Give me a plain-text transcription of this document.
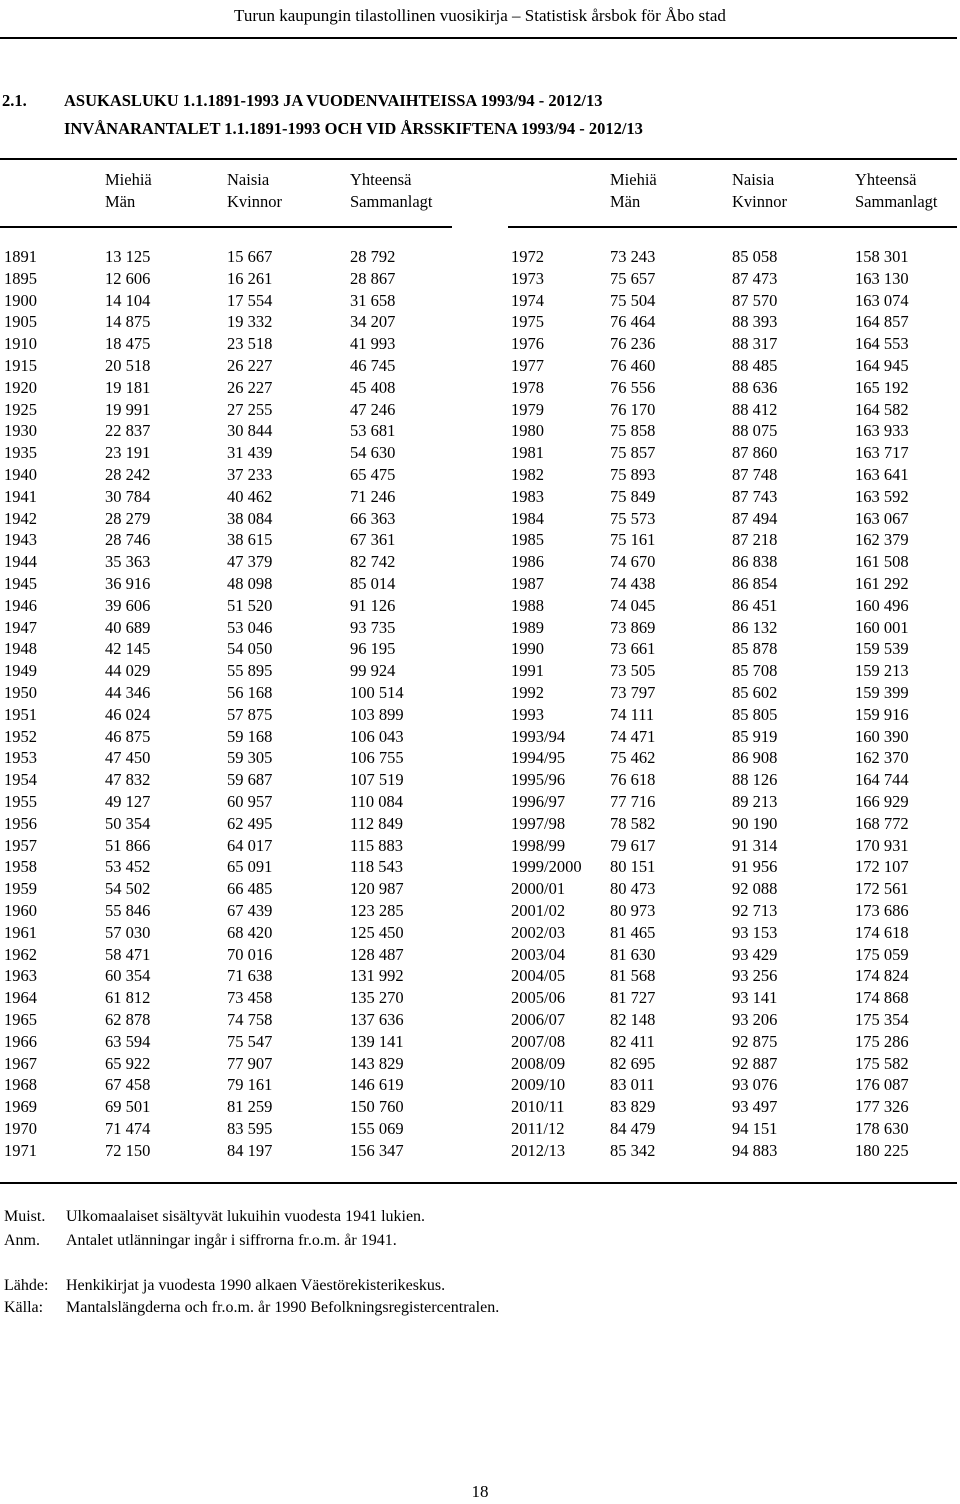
Turun kaupungin tilastollinen vuosikirja – Statistisk årsbok för Åbo stad
2.1. ASUKASLUKU 1.1.1891-1993 JA VUODENVAIHTEISSA 1993/94 - 2012/13
INVÅNARANTALET 1.1.1891-1993 OCH VID ÅRSSKIFTENA 1993/94 - 2012/13
Miehiä
Män
Naisia
Kvinnor
Yhteensä
Sammanlagt
Miehiä
Män
Naisia
Kvinnor
Yhteensä
Sammanlagt
1891	13 125	15 667	28 792
1895	12 606	16 261	28 867
1900	14 104	17 554	31 658
1905	14 875	19 332	34 207
1910	18 475	23 518	41 993
1915	20 518	26 227	46 745
1920	19 181	26 227	45 408
1925	19 991	27 255	47 246
1930	22 837	30 844	53 681
1935	23 191	31 439	54 630
1940	28 242	37 233	65 475
1941	30 784	40 462	71 246
1942	28 279	38 084	66 363
1943	28 746	38 615	67 361
1944	35 363	47 379	82 742
1945	36 916	48 098	85 014
1946	39 606	51 520	91 126
1947	40 689	53 046	93 735
1948	42 145	54 050	96 195
1949	44 029	55 895	99 924
1950	44 346	56 168	100 514
1951	46 024	57 875	103 899
1952	46 875	59 168	106 043
1953	47 450	59 305	106 755
1954	47 832	59 687	107 519
1955	49 127	60 957	110 084
1956	50 354	62 495	112 849
1957	51 866	64 017	115 883
1958	53 452	65 091	118 543
1959	54 502	66 485	120 987
1960	55 846	67 439	123 285
1961	57 030	68 420	125 450
1962	58 471	70 016	128 487
1963	60 354	71 638	131 992
1964	61 812	73 458	135 270
1965	62 878	74 758	137 636
1966	63 594	75 547	139 141
1967	65 922	77 907	143 829
1968	67 458	79 161	146 619
1969	69 501	81 259	150 760
1970	71 474	83 595	155 069
1971	72 150	84 197	156 347
1972	73 243	85 058	158 301
1973	75 657	87 473	163 130
1974	75 504	87 570	163 074
1975	76 464	88 393	164 857
1976	76 236	88 317	164 553
1977	76 460	88 485	164 945
1978	76 556	88 636	165 192
1979	76 170	88 412	164 582
1980	75 858	88 075	163 933
1981	75 857	87 860	163 717
1982	75 893	87 748	163 641
1983	75 849	87 743	163 592
1984	75 573	87 494	163 067
1985	75 161	87 218	162 379
1986	74 670	86 838	161 508
1987	74 438	86 854	161 292
1988	74 045	86 451	160 496
1989	73 869	86 132	160 001
1990	73 661	85 878	159 539
1991	73 505	85 708	159 213
1992	73 797	85 602	159 399
1993	74 111	85 805	159 916
1993/94	74 471	85 919	160 390
1994/95	75 462	86 908	162 370
1995/96	76 618	88 126	164 744
1996/97	77 716	89 213	166 929
1997/98	78 582	90 190	168 772
1998/99	79 617	91 314	170 931
1999/2000 80 151	91 956	172 107
2000/01	80 473	92 088	172 561
2001/02	80 973	92 713	173 686
2002/03	81 465	93 153	174 618
2003/04	81 630	93 429	175 059
2004/05	81 568	93 256	174 824
2005/06	81 727	93 141	174 868
2006/07	82 148	93 206	175 354
2007/08	82 411	92 875	175 286
2008/09	82 695	92 887	175 582
2009/10	83 011	93 076	176 087
2010/11	83 829	93 497	177 326
2011/12	84 479	94 151	178 630
2012/13	85 342	94 883	180 225
Muist. Ulkomaalaiset sisältyvät lukuihin vuodesta 1941 lukien.
Anm. Antalet utlänningar ingår i siffrorna fr.o.m. år 1941.
Lähde: Henkikirjat ja vuodesta 1990 alkaen Väestörekisterikeskus.
Källa: Mantalslängderna och fr.o.m. år 1990 Befolkningsregistercentralen.
18
